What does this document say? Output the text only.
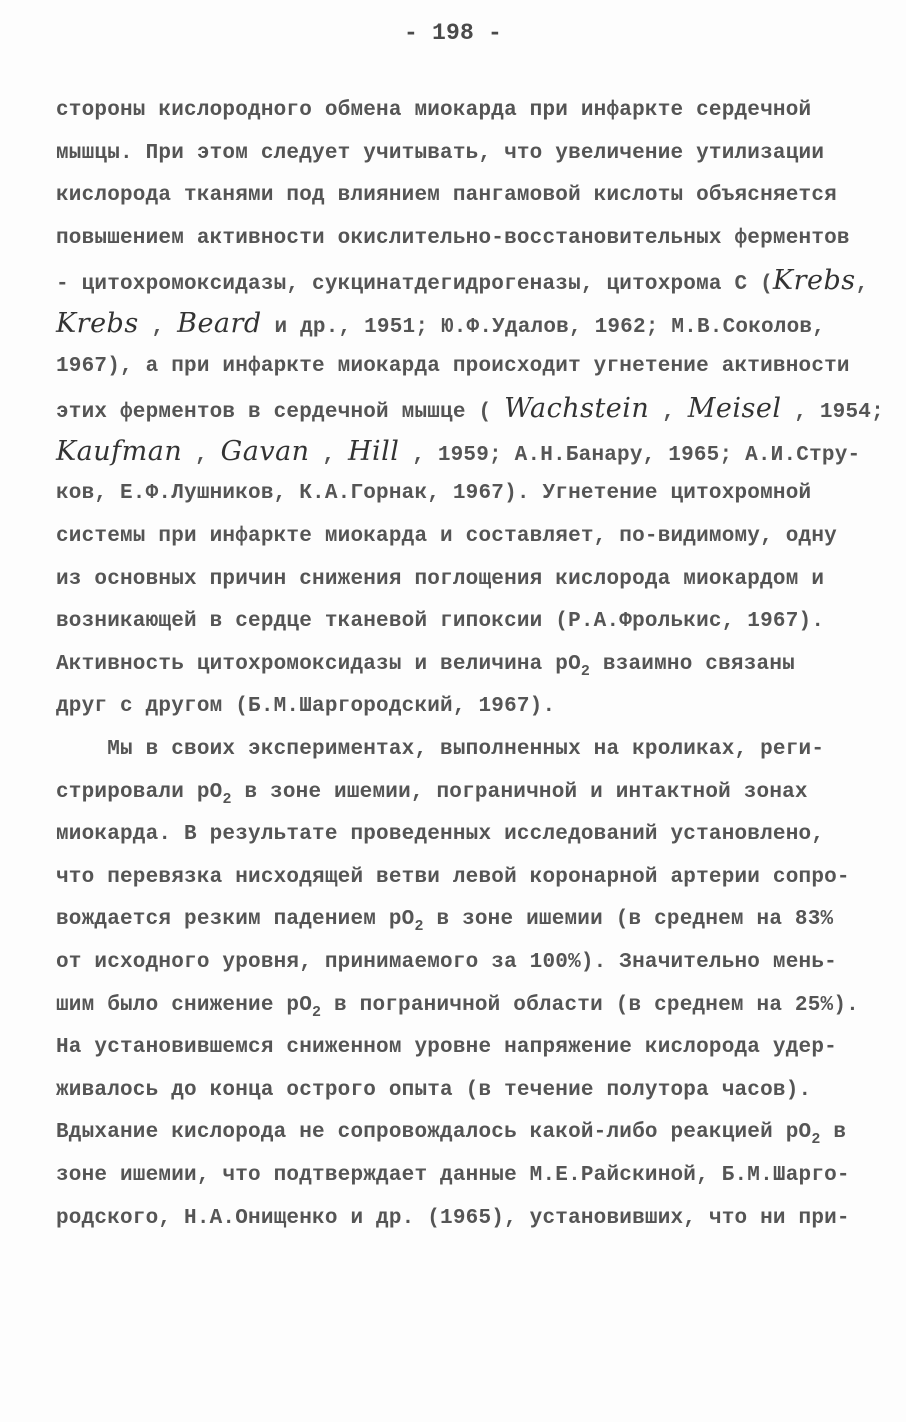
- 198 -
стороны кислородного обмена миокарда при инфаркте сердечной
мышцы. При этом следует учитывать, что увеличение утилизации
кислорода тканями под влиянием пангамовой кислоты объясняется
повышением активности окислительно-восстановительных ферментов
- цитохромоксидазы, сукцинатдегидрогеназы, цитохрома С (Krebs,
Krebs , Beard и др., 1951; Ю.Ф.Удалов, 1962; М.В.Соколов,
1967), а при инфаркте миокарда происходит угнетение активности
этих ферментов в сердечной мышце ( Wachstein , Meisel , 1954;
Kaufman , Gavan , Hill , 1959; А.Н.Банару, 1965; А.И.Стру-
ков, Е.Ф.Лушников, К.А.Горнак, 1967). Угнетение цитохромной
системы при инфаркте миокарда и составляет, по-видимому, одну
из основных причин снижения поглощения кислорода миокардом и
возникающей в сердце тканевой гипоксии (Р.А.Фролькис, 1967).
Активность цитохромоксидазы и величина $pO_2$ взаимно связаны
друг с другом (Б.М.Шаргородский, 1967).
Мы в своих экспериментах, выполненных на кроликах, реги-
стрировали $pO_2$ в зоне ишемии, пограничной и интактной зонах
миокарда. В результате проведенных исследований установлено,
что перевязка нисходящей ветви левой коронарной артерии сопро-
вождается резким падением $pO_2$ в зоне ишемии (в среднем на 83%
от исходного уровня, принимаемого за 100%). Значительно мень-
шим было снижение $pO_2$ в пограничной области (в среднем на 25%).
На установившемся сниженном уровне напряжение кислорода удер-
живалось до конца острого опыта (в течение полутора часов).
Вдыхание кислорода не сопровождалось какой-либо реакцией $pO_2$ в
зоне ишемии, что подтверждает данные М.Е.Райскиной, Б.М.Шарго-
родского, Н.А.Онищенко и др. (1965), установивших, что ни при-
